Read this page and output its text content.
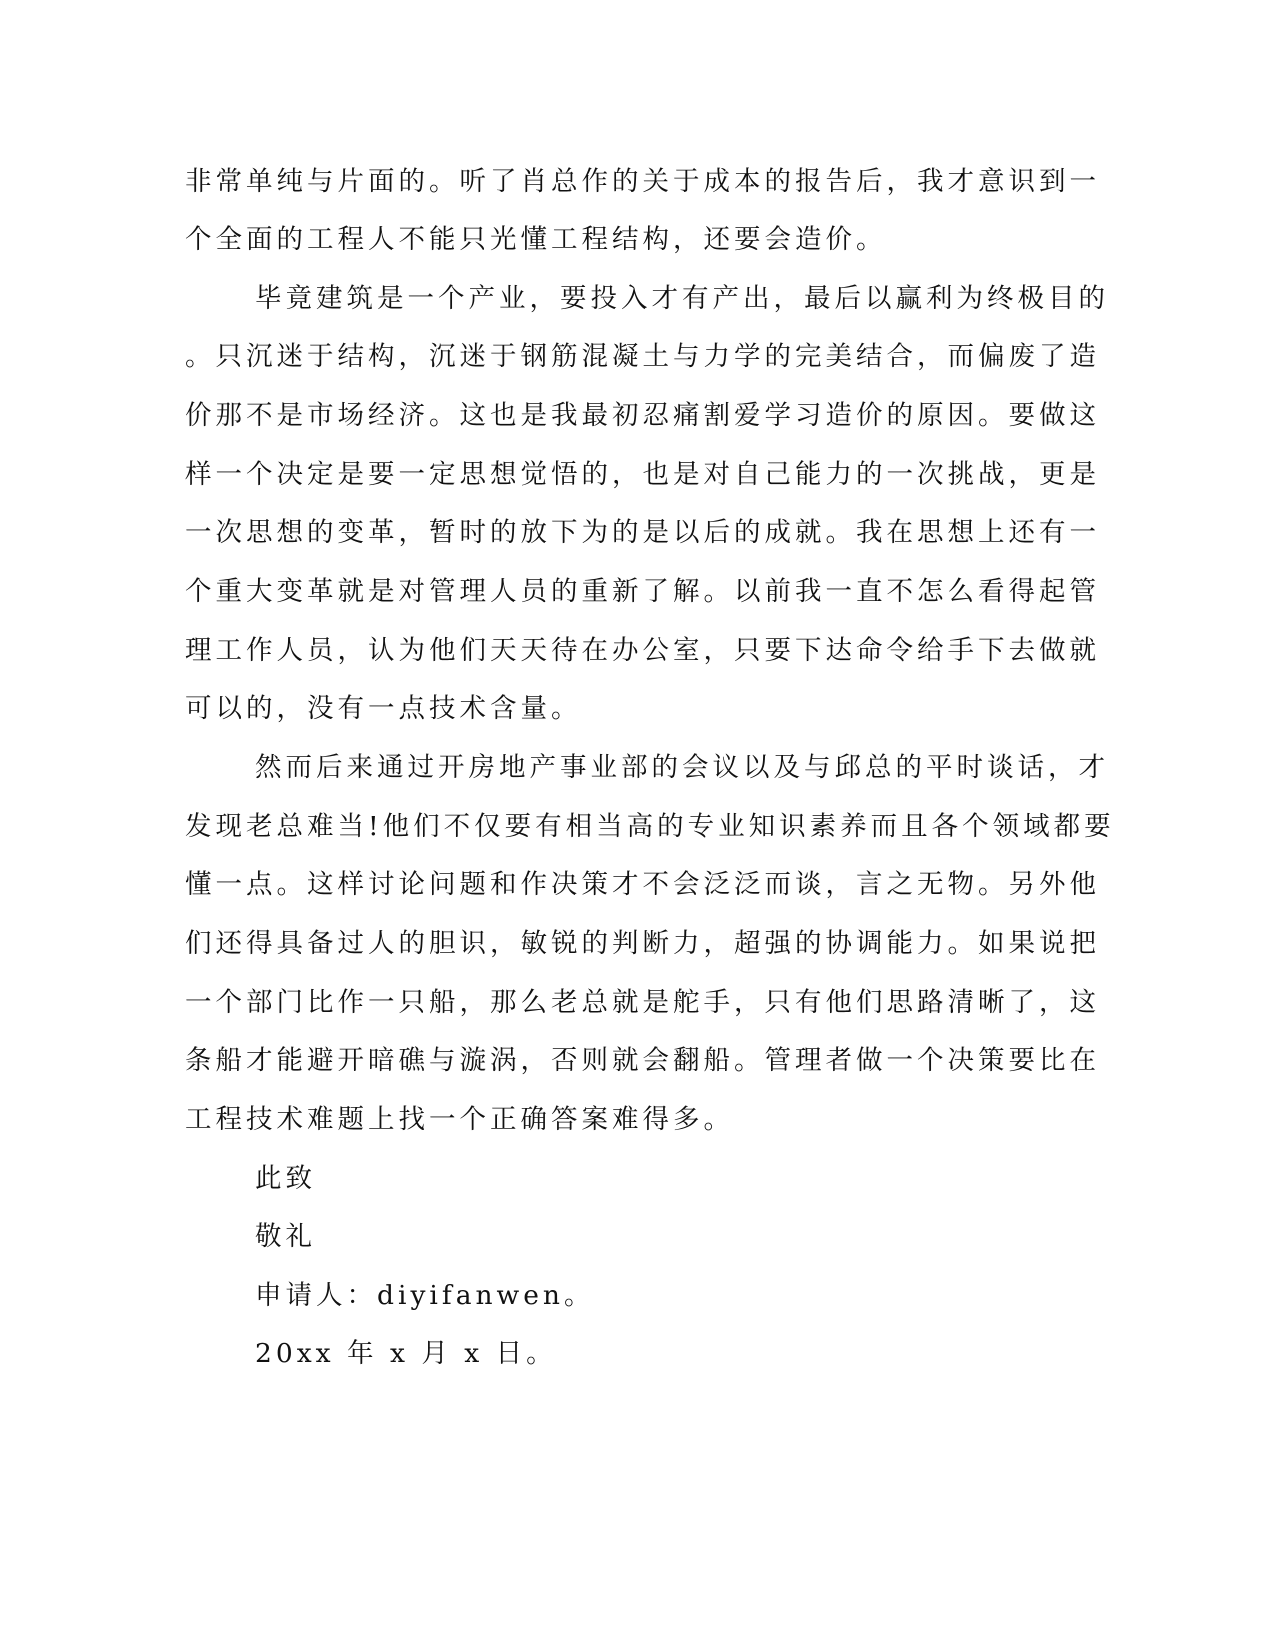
非常单纯与片面的。听了肖总作的关于成本的报告后，我才意识到一
个全面的工程人不能只光懂工程结构，还要会造价。
毕竟建筑是一个产业，要投入才有产出，最后以赢利为终极目的
。只沉迷于结构，沉迷于钢筋混凝土与力学的完美结合，而偏废了造
价那不是市场经济。这也是我最初忍痛割爱学习造价的原因。要做这
样一个决定是要一定思想觉悟的，也是对自己能力的一次挑战，更是
一次思想的变革，暂时的放下为的是以后的成就。我在思想上还有一
个重大变革就是对管理人员的重新了解。以前我一直不怎么看得起管
理工作人员，认为他们天天待在办公室，只要下达命令给手下去做就
可以的，没有一点技术含量。
然而后来通过开房地产事业部的会议以及与邱总的平时谈话，才
发现老总难当!他们不仅要有相当高的专业知识素养而且各个领域都要
懂一点。这样讨论问题和作决策才不会泛泛而谈，言之无物。另外他
们还得具备过人的胆识，敏锐的判断力，超强的协调能力。如果说把
一个部门比作一只船，那么老总就是舵手，只有他们思路清晰了，这
条船才能避开暗礁与漩涡，否则就会翻船。管理者做一个决策要比在
工程技术难题上找一个正确答案难得多。
此致
敬礼
申请人：diyifanwen。
20xx 年 x 月 x 日。
